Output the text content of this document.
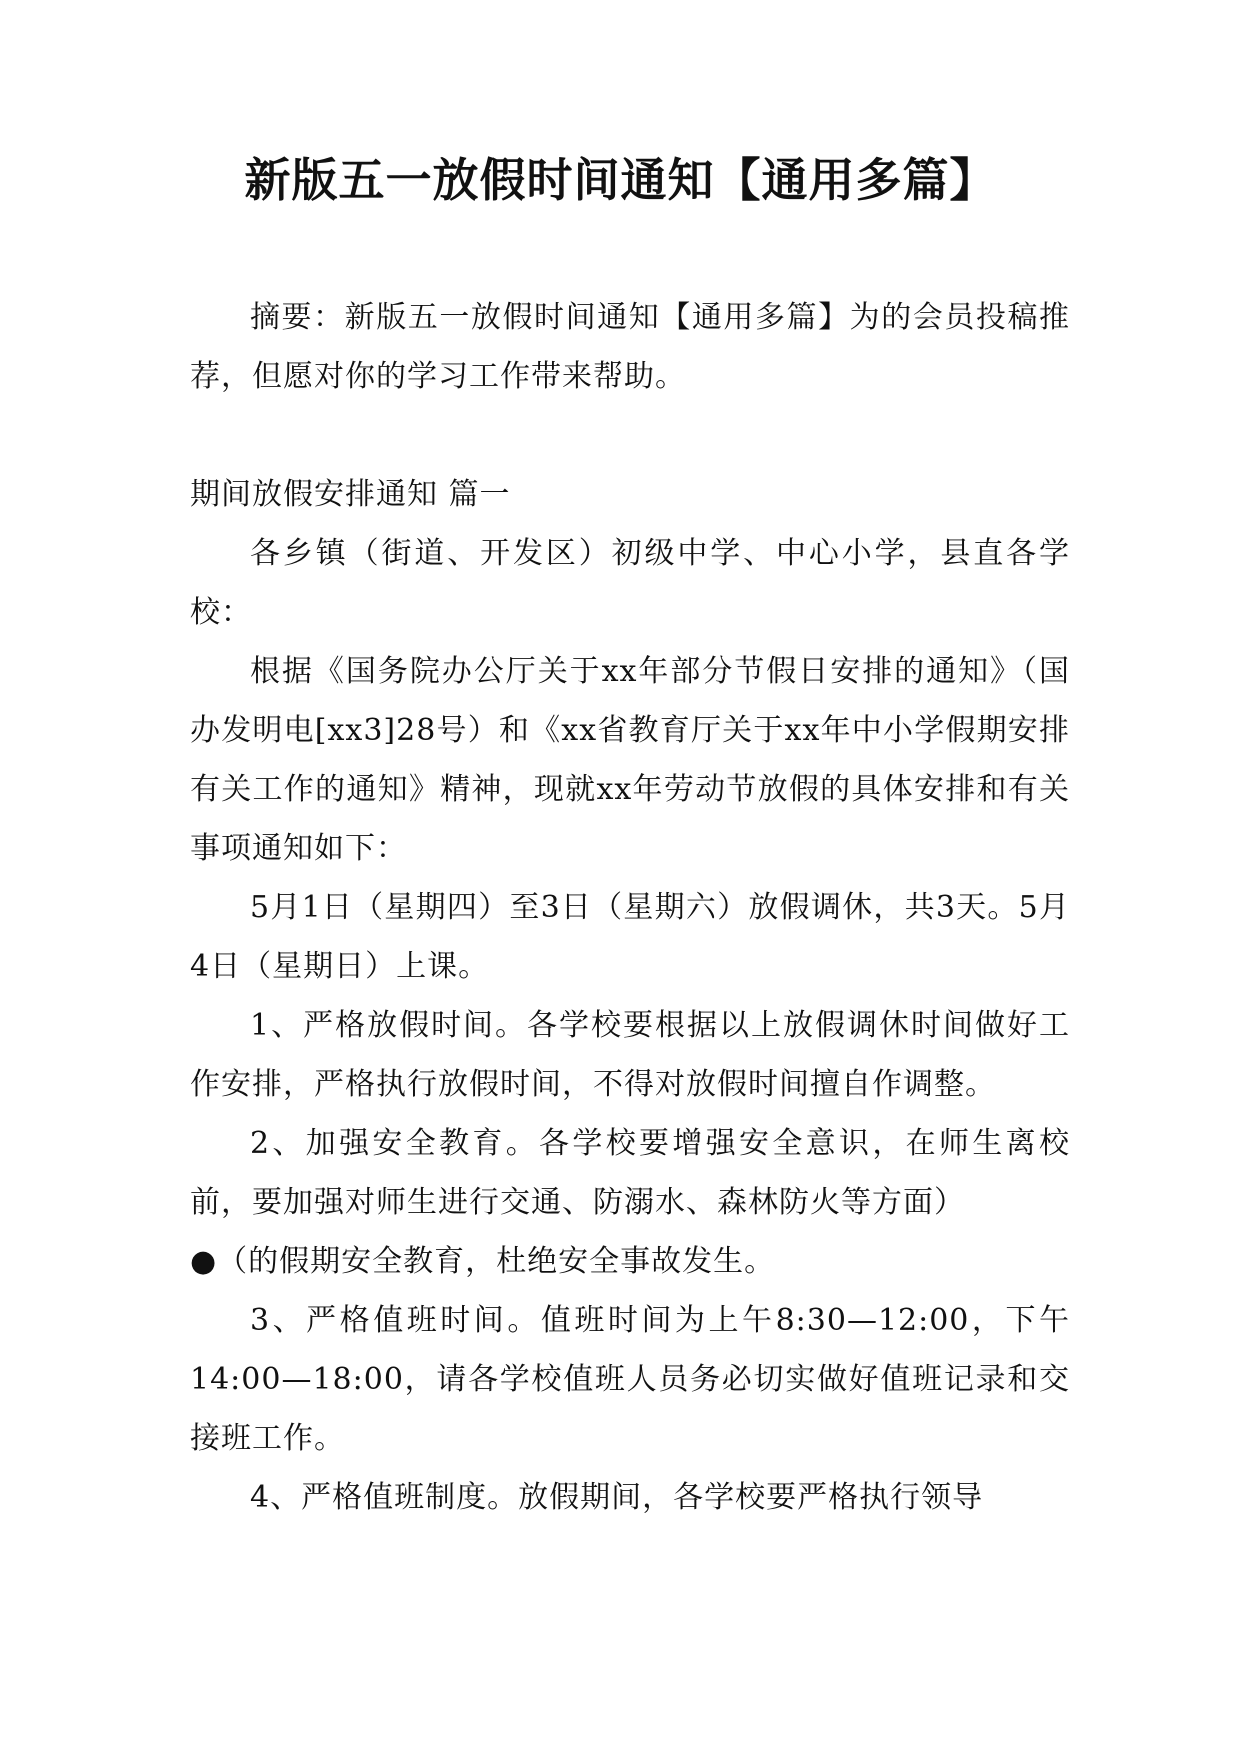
新版五一放假时间通知【通用多篇】

摘要：新版五一放假时间通知【通用多篇】为的会员投稿推荐，但愿对你的学习工作带来帮助。

期间放假安排通知 篇一

各乡镇（街道、开发区）初级中学、中心小学，县直各学校：

根据《国务院办公厅关于xx年部分节假日安排的通知》（国办发明电[xx3]28号）和《xx省教育厅关于xx年中小学假期安排有关工作的通知》精神，现就xx年劳动节放假的具体安排和有关事项通知如下：

5月1日（星期四）至3日（星期六）放假调休，共3天。5月4日（星期日）上课。

1、严格放假时间。各学校要根据以上放假调休时间做好工作安排，严格执行放假时间，不得对放假时间擅自作调整。

2、加强安全教育。各学校要增强安全意识，在师生离校前，要加强对师生进行交通、防溺水、森林防火等方面）

●（的假期安全教育，杜绝安全事故发生。

3、严格值班时间。值班时间为上午8:30—12:00，下午14:00—18:00，请各学校值班人员务必切实做好值班记录和交接班工作。

4、严格值班制度。放假期间，各学校要严格执行领导
